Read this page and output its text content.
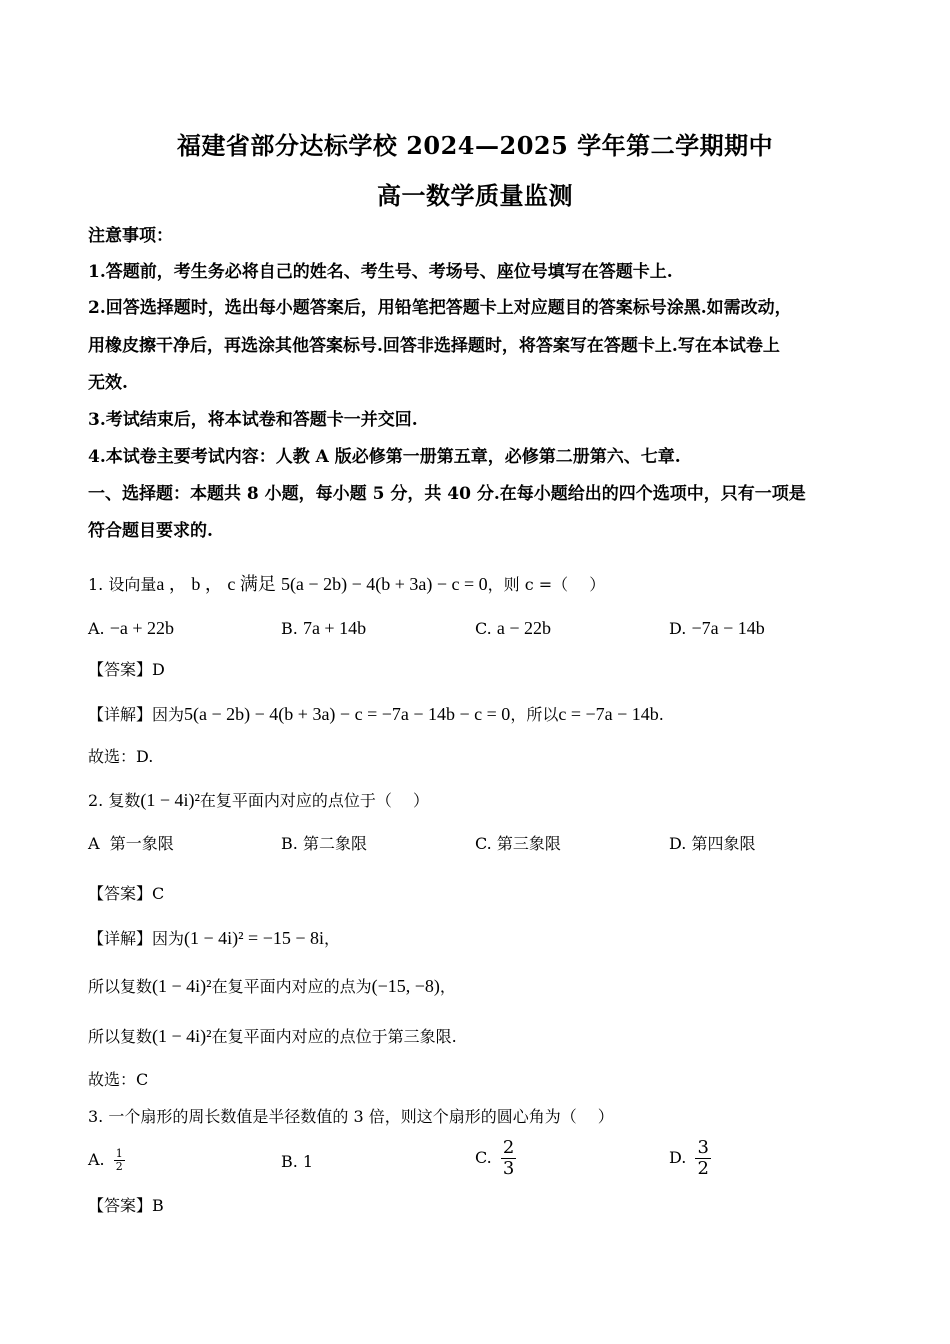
福建省部分达标学校 2024—2025 学年第二学期期中
高一数学质量监测
注意事项：
1.答题前，考生务必将自己的姓名、考生号、考场号、座位号填写在答题卡上.
2.回答选择题时，选出每小题答案后，用铅笔把答题卡上对应题目的答案标号涂黑.如需改动，
用橡皮擦干净后，再选涂其他答案标号.回答非选择题时，将答案写在答题卡上.写在本试卷上
无效.
3.考试结束后，将本试卷和答题卡一并交回.
4.本试卷主要考试内容：人教 A 版必修第一册第五章，必修第二册第六、七章.
一、选择题：本题共 8 小题，每小题 5 分，共 40 分.在每小题给出的四个选项中，只有一项是
符合题目要求的.
1. 设向量a ， b ， c 满足 5(a − 2b) − 4(b + 3a) − c = 0，则 c =（　 ）
A. −a + 22b	B. 7a + 14b	C. a − 22b	D. −7a − 14b
【答案】D
【详解】因为5(a − 2b) − 4(b + 3a) − c = −7a − 14b − c = 0，所以c = −7a − 14b.
故选：D.
2. 复数(1 − 4i)²在复平面内对应的点位于（　 ）
A 第一象限	B. 第二象限	C. 第三象限	D. 第四象限
【答案】C
【详解】因为(1 − 4i)² = −15 − 8i，
所以复数(1 − 4i)²在复平面内对应的点为(−15, −8)，
所以复数(1 − 4i)²在复平面内对应的点位于第三象限.
故选：C
3. 一个扇形的周长数值是半径数值的 3 倍，则这个扇形的圆心角为（　 ）
A. $\frac{1}{2}$	B. 1	C. $\frac{2}{3}$	D. $\frac{3}{2}$
【答案】B
